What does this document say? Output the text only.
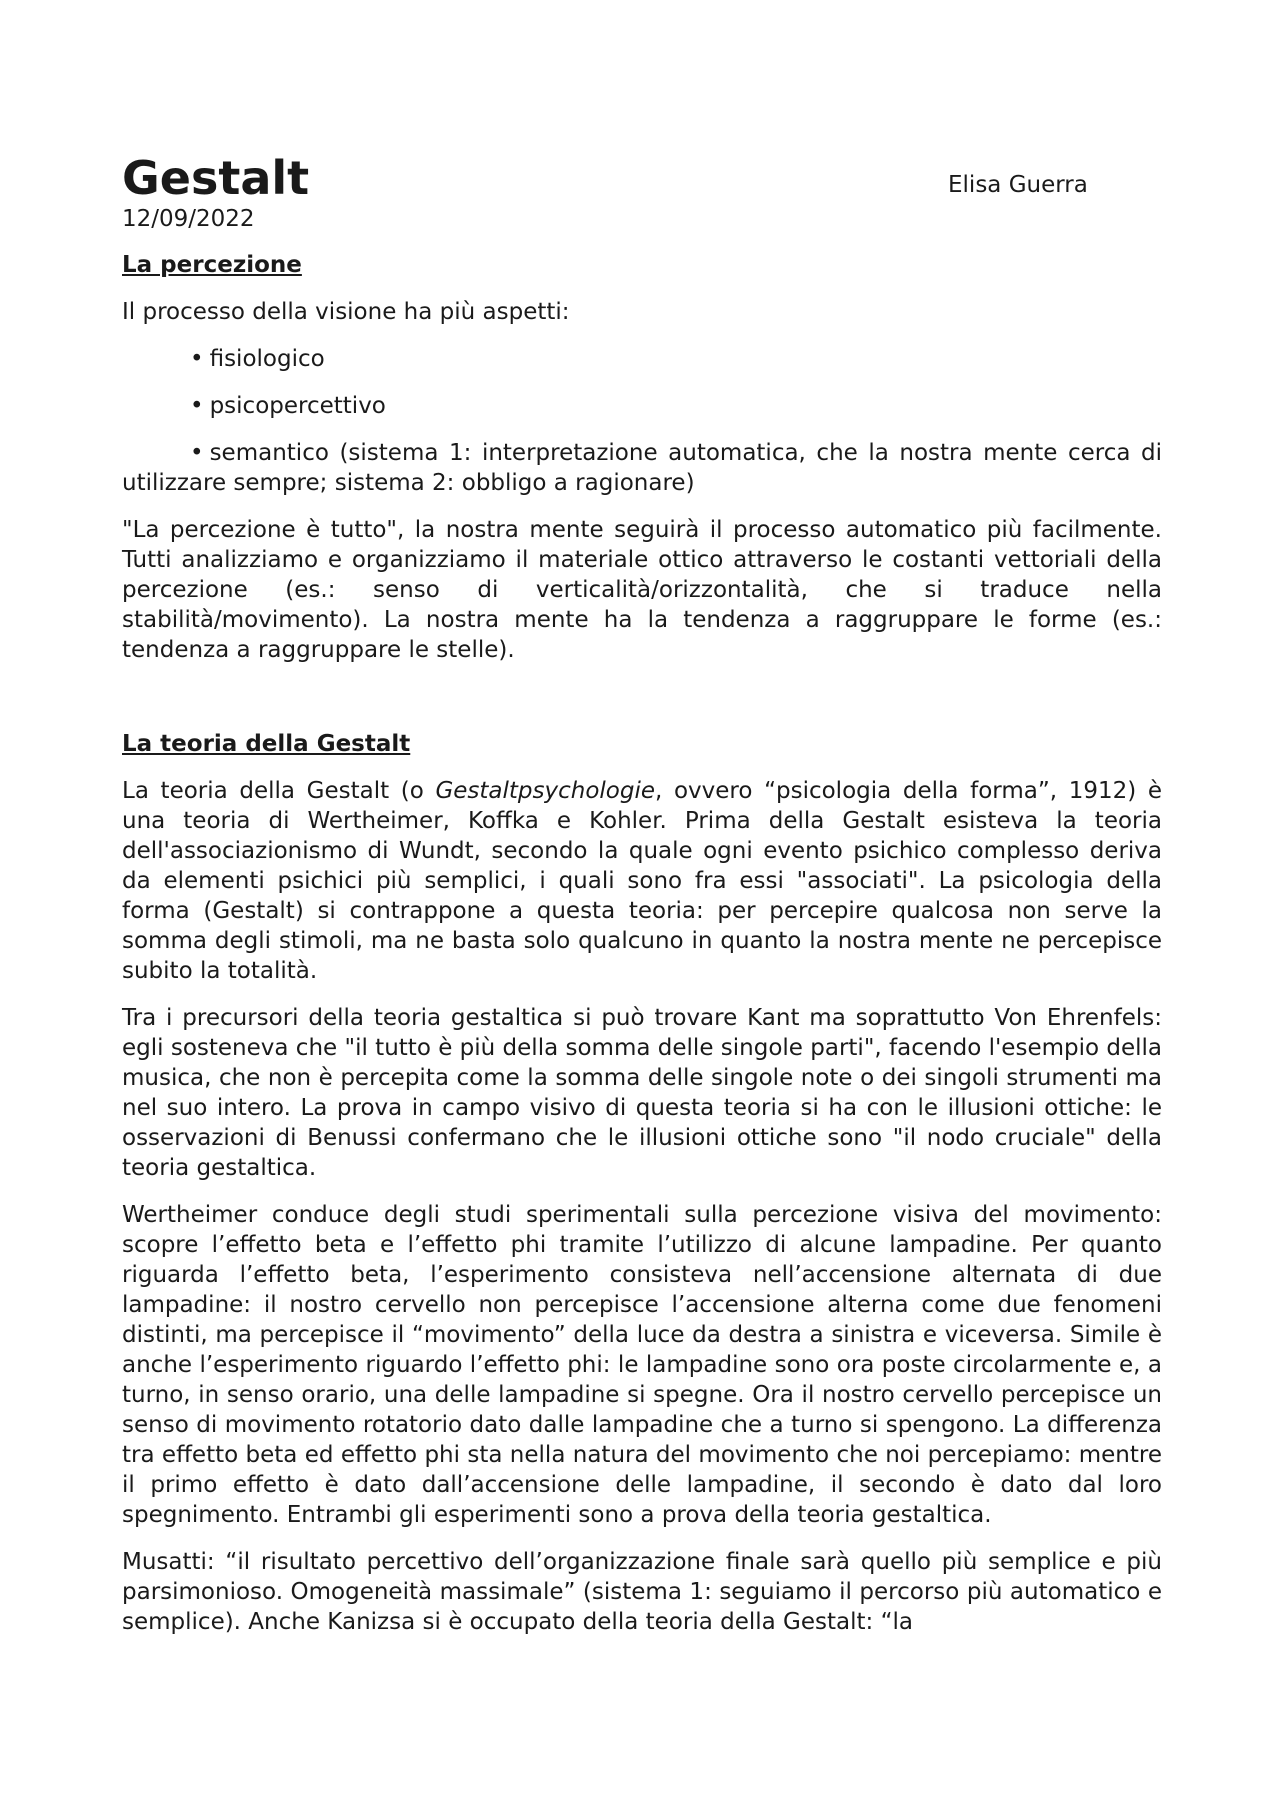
Gestalt	Elisa Guerra
12/09/2022
La percezione

Il processo della visione ha più aspetti:

• fisiologico
• psicopercettivo
• semantico (sistema 1: interpretazione automatica, che la nostra mente cerca di utilizzare sempre; sistema 2: obbligo a ragionare)

"La percezione è tutto", la nostra mente seguirà il processo automatico più facilmente. Tutti analizziamo e organizziamo il materiale ottico attraverso le costanti vettoriali della percezione (es.: senso di verticalità/orizzontalità, che si traduce nella stabilità/movimento). La nostra mente ha la tendenza a raggruppare le forme (es.: tendenza a raggruppare le stelle).

La teoria della Gestalt

La teoria della Gestalt (o Gestaltpsychologie, ovvero “psicologia della forma”, 1912) è una teoria di Wertheimer, Koffka e Kohler. Prima della Gestalt esisteva la teoria dell'associazionismo di Wundt, secondo la quale ogni evento psichico complesso deriva da elementi psichici più semplici, i quali sono fra essi "associati". La psicologia della forma (Gestalt) si contrappone a questa teoria: per percepire qualcosa non serve la somma degli stimoli, ma ne basta solo qualcuno in quanto la nostra mente ne percepisce subito la totalità.

Tra i precursori della teoria gestaltica si può trovare Kant ma soprattutto Von Ehrenfels: egli sosteneva che "il tutto è più della somma delle singole parti", facendo l'esempio della musica, che non è percepita come la somma delle singole note o dei singoli strumenti ma nel suo intero. La prova in campo visivo di questa teoria si ha con le illusioni ottiche: le osservazioni di Benussi confermano che le illusioni ottiche sono "il nodo cruciale" della teoria gestaltica.

Wertheimer conduce degli studi sperimentali sulla percezione visiva del movimento: scopre l’effetto beta e l’effetto phi tramite l’utilizzo di alcune lampadine. Per quanto riguarda l’effetto beta, l’esperimento consisteva nell’accensione alternata di due lampadine: il nostro cervello non percepisce l’accensione alterna come due fenomeni distinti, ma percepisce il “movimento” della luce da destra a sinistra e viceversa. Simile è anche l’esperimento riguardo l’effetto phi: le lampadine sono ora poste circolarmente e, a turno, in senso orario, una delle lampadine si spegne. Ora il nostro cervello percepisce un senso di movimento rotatorio dato dalle lampadine che a turno si spengono. La differenza tra effetto beta ed effetto phi sta nella natura del movimento che noi percepiamo: mentre il primo effetto è dato dall’accensione delle lampadine, il secondo è dato dal loro spegnimento. Entrambi gli esperimenti sono a prova della teoria gestaltica.

Musatti: “il risultato percettivo dell’organizzazione finale sarà quello più semplice e più parsimonioso. Omogeneità massimale” (sistema 1: seguiamo il percorso più automatico e semplice). Anche Kanizsa si è occupato della teoria della Gestalt: “la
